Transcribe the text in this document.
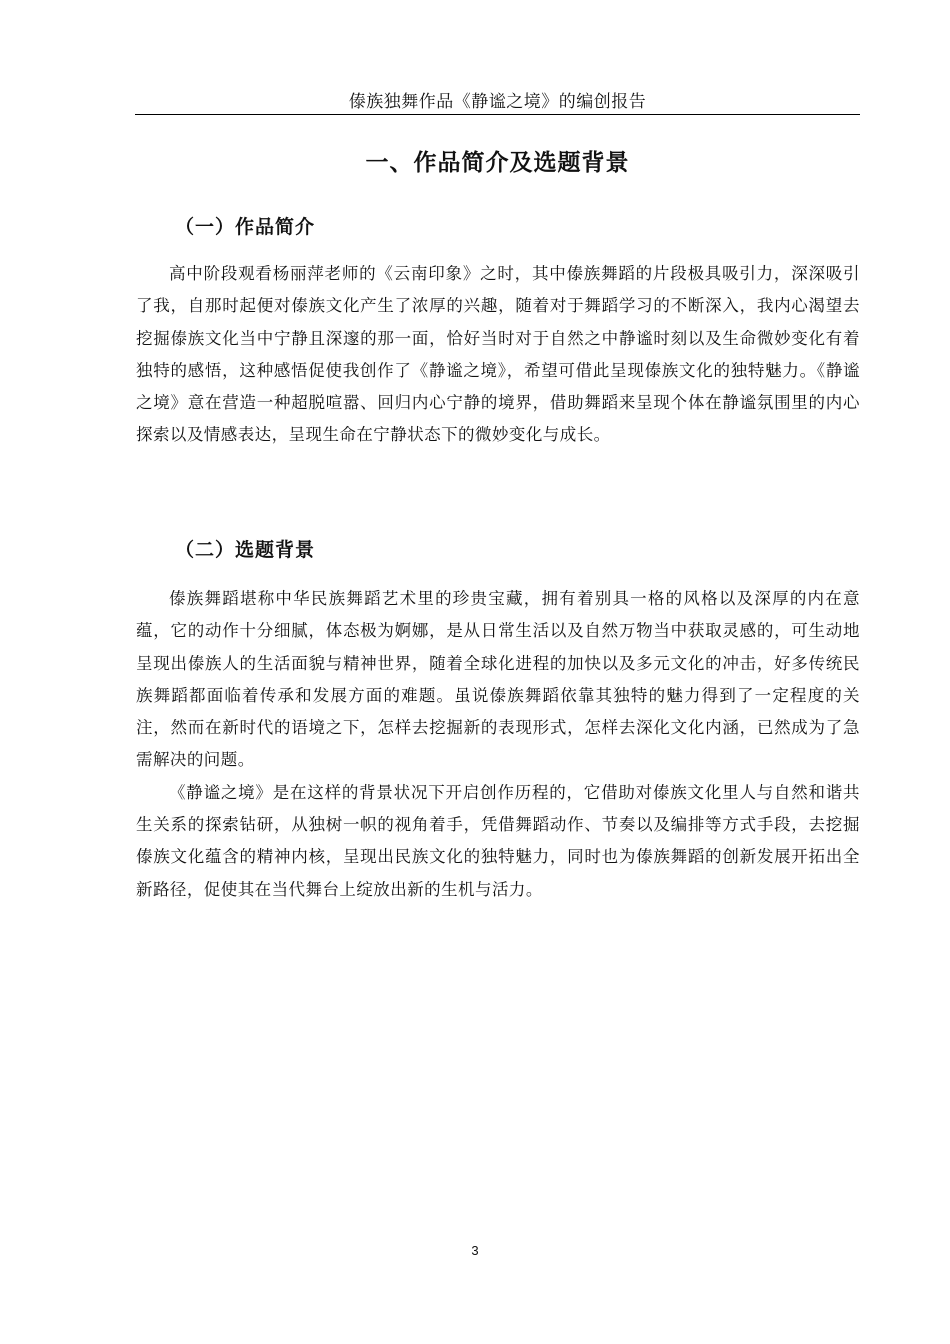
傣族独舞作品《静谧之境》的编创报告
一、作品简介及选题背景
（一）作品简介

高中阶段观看杨丽萍老师的《云南印象》之时，其中傣族舞蹈的片段极具吸引力，深深吸引了我，自那时起便对傣族文化产生了浓厚的兴趣，随着对于舞蹈学习的不断深入，我内心渴望去挖掘傣族文化当中宁静且深邃的那一面，恰好当时对于自然之中静谧时刻以及生命微妙变化有着独特的感悟，这种感悟促使我创作了《静谧之境》，希望可借此呈现傣族文化的独特魅力。《静谧之境》意在营造一种超脱喧嚣、回归内心宁静的境界，借助舞蹈来呈现个体在静谧氛围里的内心探索以及情感表达，呈现生命在宁静状态下的微妙变化与成长。

（二）选题背景

傣族舞蹈堪称中华民族舞蹈艺术里的珍贵宝藏，拥有着别具一格的风格以及深厚的内在意蕴，它的动作十分细腻，体态极为婀娜，是从日常生活以及自然万物当中获取灵感的，可生动地呈现出傣族人的生活面貌与精神世界，随着全球化进程的加快以及多元文化的冲击，好多传统民族舞蹈都面临着传承和发展方面的难题。虽说傣族舞蹈依靠其独特的魅力得到了一定程度的关注，然而在新时代的语境之下，怎样去挖掘新的表现形式，怎样去深化文化内涵，已然成为了急需解决的问题。

《静谧之境》是在这样的背景状况下开启创作历程的，它借助对傣族文化里人与自然和谐共生关系的探索钻研，从独树一帜的视角着手，凭借舞蹈动作、节奏以及编排等方式手段，去挖掘傣族文化蕴含的精神内核，呈现出民族文化的独特魅力，同时也为傣族舞蹈的创新发展开拓出全新路径，促使其在当代舞台上绽放出新的生机与活力。

3
